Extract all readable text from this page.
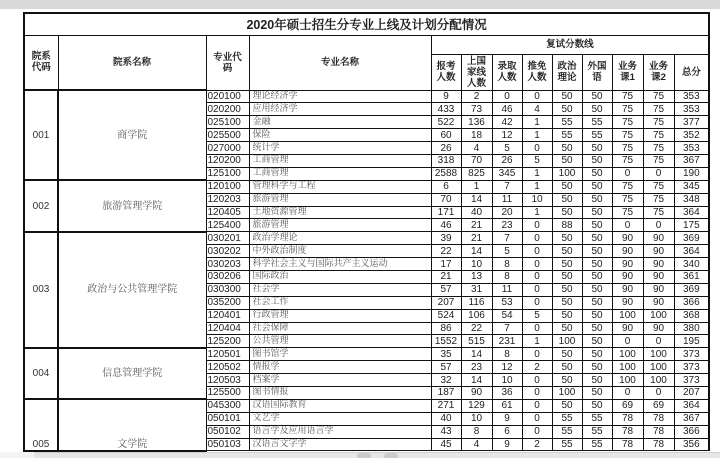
2020年硕士招生分专业上线及计划分配情况												
院系代码	院系名称	专业代码	专业名称	复试分数线								
				报考人数	上国家线人数	录取人数	推免人数	政治理论	外国语	业务课1	业务课2	总分
001	商学院	020100	理论经济学	9	2	0	0	50	50	75	75	353
		020200	应用经济学	433	73	46	4	50	50	75	75	353
		025100	金融	522	136	42	1	55	55	75	75	377
		025500	保险	60	18	12	1	55	55	75	75	352
		027000	统计学	26	4	5	0	50	50	75	75	353
		120200	工商管理	318	70	26	5	50	50	75	75	367
		125100	工商管理	2588	825	345	1	100	50	0	0	190
002	旅游管理学院	120100	管理科学与工程	6	1	7	1	50	50	75	75	345
		120203	旅游管理	70	14	11	10	50	50	75	75	348
		120405	土地资源管理	171	40	20	1	50	50	75	75	364
		125400	旅游管理	46	21	23	0	88	50	0	0	175
003	政治与公共管理学院	030201	政治学理论	39	21	7	0	50	50	90	90	369
		030202	中外政治制度	22	14	5	0	50	50	90	90	364
		030203	科学社会主义与国际共产主义运动	17	10	8	0	50	50	90	90	340
		030206	国际政治	21	13	8	0	50	50	90	90	361
		030300	社会学	57	31	11	0	50	50	90	90	369
		035200	社会工作	207	116	53	0	50	50	90	90	366
		120401	行政管理	524	106	54	5	50	50	100	100	368
		120404	社会保障	86	22	7	0	50	50	90	90	380
		125200	公共管理	1552	515	231	1	100	50	0	0	195
004	信息管理学院	120501	图书馆学	35	14	8	0	50	50	100	100	373
		120502	情报学	57	23	12	2	50	50	100	100	373
		120503	档案学	32	14	10	0	50	50	100	100	373
		125500	图书情报	187	90	36	0	100	50	0	0	207
005	文学院	045300	汉语国际教育	271	129	61	0	50	50	69	69	364
		050101	文艺学	40	10	9	0	55	55	78	78	367
		050102	语言学及应用语言学	43	8	6	0	55	55	78	78	366
		050103	汉语言文字学	45	4	9	2	55	55	78	78	356
